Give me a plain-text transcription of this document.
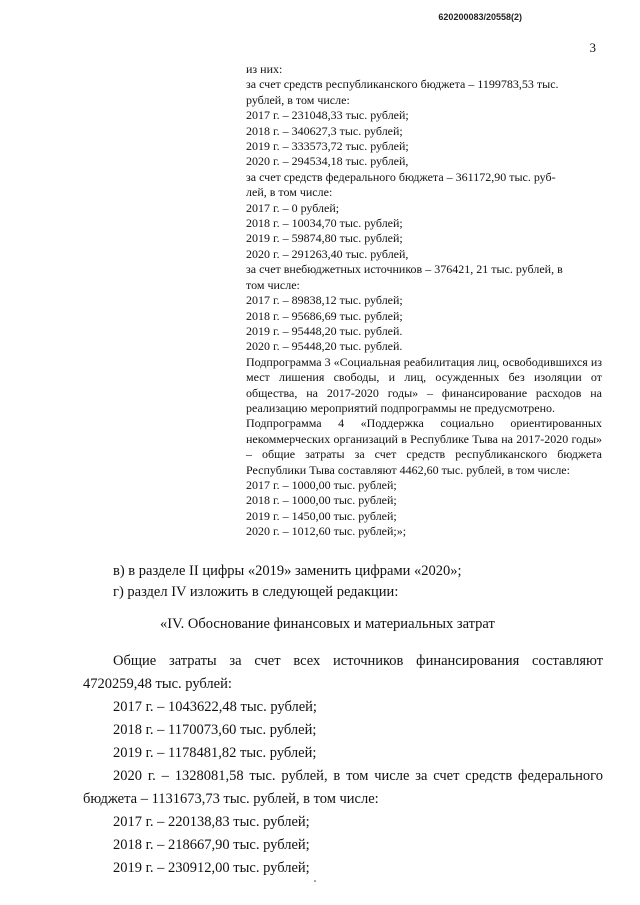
620200083/20558(2)
3
из них:
за счет средств республиканского бюджета – 1199783,53 тыс.
рублей, в том числе:
2017 г. – 231048,33 тыс. рублей;
2018 г. – 340627,3 тыс. рублей;
2019 г. – 333573,72 тыс. рублей;
2020 г. – 294534,18 тыс. рублей,
за счет средств федерального бюджета – 361172,90 тыс. руб-
лей, в том числе:
2017 г. – 0 рублей;
2018 г. – 10034,70 тыс. рублей;
2019 г. – 59874,80 тыс. рублей;
2020 г. – 291263,40 тыс. рублей,
за счет внебюджетных источников – 376421, 21 тыс. рублей, в
том числе:
2017 г. – 89838,12 тыс. рублей;
2018 г. – 95686,69 тыс. рублей;
2019 г. – 95448,20 тыс. рублей.
2020 г. – 95448,20 тыс. рублей.
Подпрограмма 3 «Социальная реабилитация лиц, освободившихся из мест лишения свободы, и лиц, осужденных без изоляции от общества, на 2017-2020 годы» – финансирование расходов на реализацию мероприятий подпрограммы не предусмотрено.
Подпрограмма 4 «Поддержка социально ориентированных некоммерческих организаций в Республике Тыва на 2017-2020 годы» – общие затраты за счет средств республиканского бюджета Республики Тыва составляют 4462,60 тыс. рублей, в том числе:
2017 г. – 1000,00 тыс. рублей;
2018 г. – 1000,00 тыс. рублей;
2019 г. – 1450,00 тыс. рублей;
2020 г. – 1012,60 тыс. рублей;»;
в) в разделе II цифры «2019» заменить цифрами «2020»;
г) раздел IV изложить в следующей редакции:
«IV. Обоснование финансовых и материальных затрат
Общие затраты за счет всех источников финансирования составляют 4720259,48 тыс. рублей:
2017 г. – 1043622,48 тыс. рублей;
2018 г. – 1170073,60 тыс. рублей;
2019 г. – 1178481,82 тыс. рублей;
2020 г. – 1328081,58 тыс. рублей, в том числе за счет средств федерального бюджета – 1131673,73 тыс. рублей, в том числе:
2017 г. – 220138,83 тыс. рублей;
2018 г. – 218667,90 тыс. рублей;
2019 г. – 230912,00 тыс. рублей;
